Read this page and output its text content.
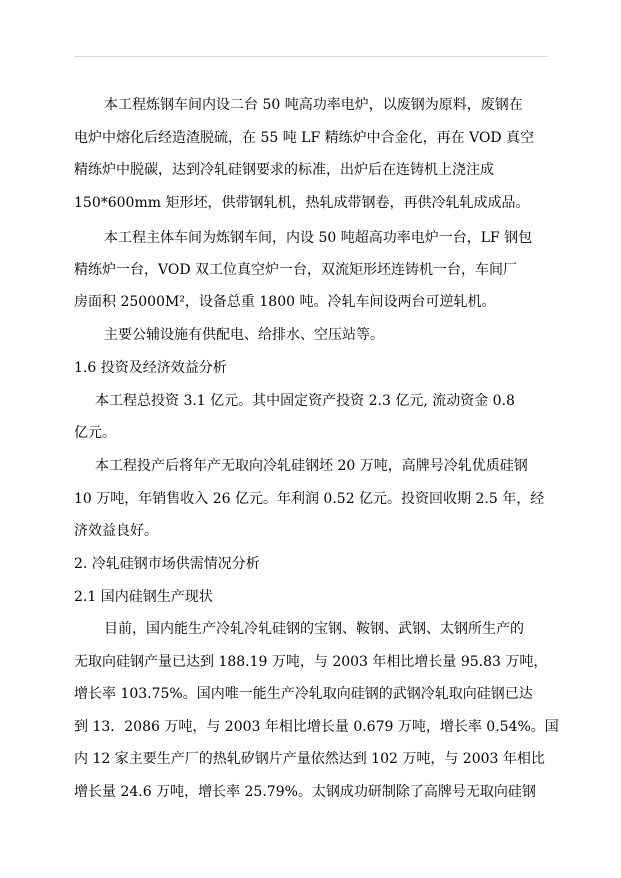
本工程炼钢车间内设二台 50 吨高功率电炉，以废钢为原料，废钢在
电炉中熔化后经造渣脱硫，在 55 吨 LF 精练炉中合金化，再在 VOD 真空
精练炉中脱碳，达到冷轧硅钢要求的标准，出炉后在连铸机上浇注成
150*600mm 矩形坯，供带钢轧机，热轧成带钢卷，再供冷轧轧成成品。
本工程主体车间为炼钢车间，内设 50 吨超高功率电炉一台，LF 钢包
精练炉一台，VOD 双工位真空炉一台，双流矩形坯连铸机一台，车间厂
房面积 25000M²，设备总重 1800 吨。冷轧车间设两台可逆轧机。
主要公辅设施有供配电、给排水、空压站等。
1.6 投资及经济效益分析
本工程总投资 3.1 亿元。其中固定资产投资 2.3 亿元, 流动资金 0.8
亿元。
本工程投产后将年产无取向冷轧硅钢坯 20 万吨，高牌号冷轧优质硅钢
10 万吨，年销售收入 26 亿元。年利润 0.52 亿元。投资回收期 2.5 年，经
济效益良好。
2. 冷轧硅钢市场供需情况分析
2.1 国内硅钢生产现状
目前，国内能生产冷轧冷轧硅钢的宝钢、鞍钢、武钢、太钢所生产的
无取向硅钢产量已达到 188.19 万吨，与 2003 年相比增长量 95.83 万吨，
增长率 103.75%。国内唯一能生产冷轧取向硅钢的武钢冷轧取向硅钢已达
到 13．2086 万吨，与 2003 年相比增长量 0.679 万吨，增长率 0.54%。国
内 12 家主要生产厂的热轧矽钢片产量依然达到 102 万吨，与 2003 年相比
增长量 24.6 万吨，增长率 25.79%。太钢成功研制除了高牌号无取向硅钢
